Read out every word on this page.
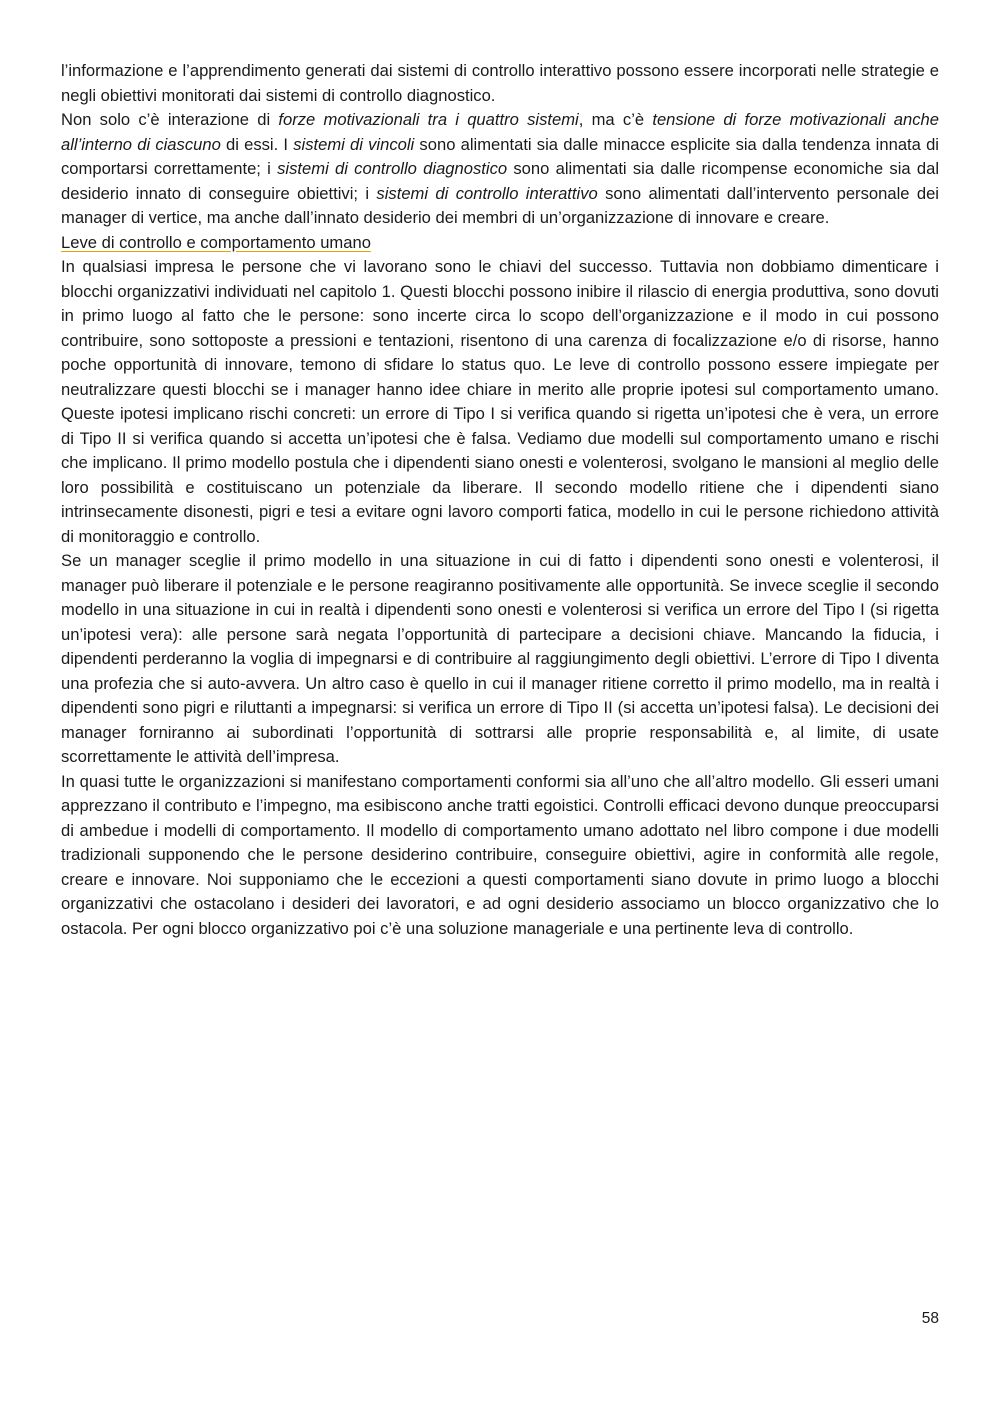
l’informazione e l’apprendimento generati dai sistemi di controllo interattivo possono essere incorporati nelle strategie e negli obiettivi monitorati dai sistemi di controllo diagnostico.

Non solo c’è interazione di forze motivazionali tra i quattro sistemi, ma c’è tensione di forze motivazionali anche all’interno di ciascuno di essi. I sistemi di vincoli sono alimentati sia dalle minacce esplicite sia dalla tendenza innata di comportarsi correttamente; i sistemi di controllo diagnostico sono alimentati sia dalle ricompense economiche sia dal desiderio innato di conseguire obiettivi; i sistemi di controllo interattivo sono alimentati dall’intervento personale dei manager di vertice, ma anche dall’innato desiderio dei membri di un’organizzazione di innovare e creare.

Leve di controllo e comportamento umano

In qualsiasi impresa le persone che vi lavorano sono le chiavi del successo. Tuttavia non dobbiamo dimenticare i blocchi organizzativi individuati nel capitolo 1. Questi blocchi possono inibire il rilascio di energia produttiva, sono dovuti in primo luogo al fatto che le persone: sono incerte circa lo scopo dell’organizzazione e il modo in cui possono contribuire, sono sottoposte a pressioni e tentazioni, risentono di una carenza di focalizzazione e/o di risorse, hanno poche opportunità di innovare, temono di sfidare lo status quo. Le leve di controllo possono essere impiegate per neutralizzare questi blocchi se i manager hanno idee chiare in merito alle proprie ipotesi sul comportamento umano. Queste ipotesi implicano rischi concreti: un errore di Tipo I si verifica quando si rigetta un’ipotesi che è vera, un errore di Tipo II si verifica quando si accetta un’ipotesi che è falsa. Vediamo due modelli sul comportamento umano e rischi che implicano. Il primo modello postula che i dipendenti siano onesti e volenterosi, svolgano le mansioni al meglio delle loro possibilità e costituiscano un potenziale da liberare. Il secondo modello ritiene che i dipendenti siano intrinsecamente disonesti, pigri e tesi a evitare ogni lavoro comporti fatica, modello in cui le persone richiedono attività di monitoraggio e controllo.

Se un manager sceglie il primo modello in una situazione in cui di fatto i dipendenti sono onesti e volenterosi, il manager può liberare il potenziale e le persone reagiranno positivamente alle opportunità. Se invece sceglie il secondo modello in una situazione in cui in realtà i dipendenti sono onesti e volenterosi si verifica un errore del Tipo I (si rigetta un’ipotesi vera): alle persone sarà negata l’opportunità di partecipare a decisioni chiave. Mancando la fiducia, i dipendenti perderanno la voglia di impegnarsi e di contribuire al raggiungimento degli obiettivi. L’errore di Tipo I diventa una profezia che si auto-avvera. Un altro caso è quello in cui il manager ritiene corretto il primo modello, ma in realtà i dipendenti sono pigri e riluttanti a impegnarsi: si verifica un errore di Tipo II (si accetta un’ipotesi falsa). Le decisioni dei manager forniranno ai subordinati l’opportunità di sottrarsi alle proprie responsabilità e, al limite, di usate scorrettamente le attività dell’impresa.

In quasi tutte le organizzazioni si manifestano comportamenti conformi sia all’uno che all’altro modello. Gli esseri umani apprezzano il contributo e l’impegno, ma esibiscono anche tratti egoistici. Controlli efficaci devono dunque preoccuparsi di ambedue i modelli di comportamento. Il modello di comportamento umano adottato nel libro compone i due modelli tradizionali supponendo che le persone desiderino contribuire, conseguire obiettivi, agire in conformità alle regole, creare e innovare. Noi supponiamo che le eccezioni a questi comportamenti siano dovute in primo luogo a blocchi organizzativi che ostacolano i desideri dei lavoratori, e ad ogni desiderio associamo un blocco organizzativo che lo ostacola. Per ogni blocco organizzativo poi c’è una soluzione manageriale e una pertinente leva di controllo.

58
